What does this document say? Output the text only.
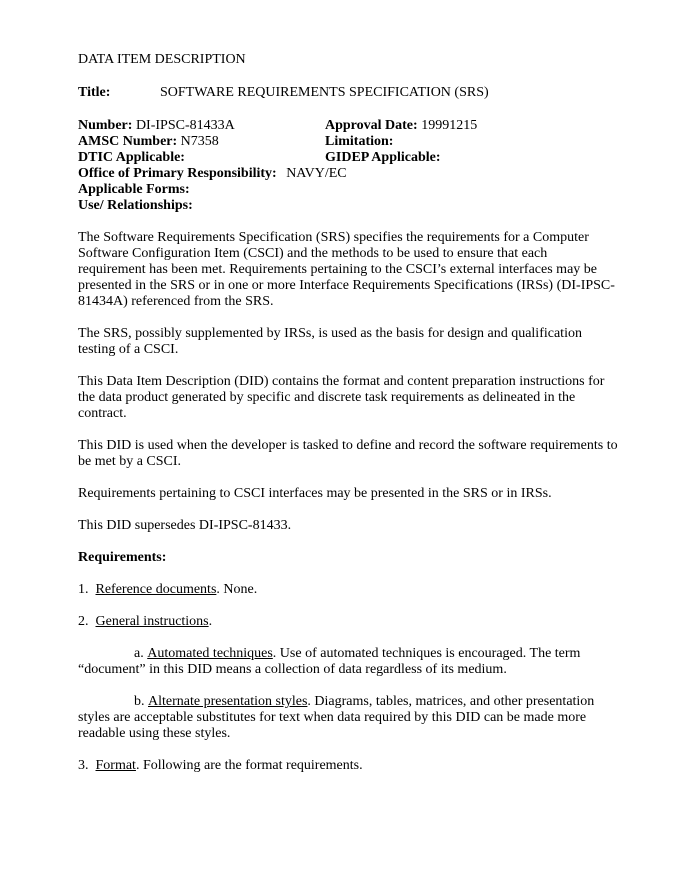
DATA ITEM DESCRIPTION
Title:	SOFTWARE REQUIREMENTS SPECIFICATION (SRS)
Number: DI-IPSC-81433A	Approval Date: 19991215
AMSC Number: N7358	Limitation:
DTIC Applicable:	GIDEP Applicable:
Office of Primary Responsibility: NAVY/EC
Applicable Forms:
Use/ Relationships:

The Software Requirements Specification (SRS) specifies the requirements for a Computer Software Configuration Item (CSCI) and the methods to be used to ensure that each requirement has been met. Requirements pertaining to the CSCI’s external interfaces may be presented in the SRS or in one or more Interface Requirements Specifications (IRSs) (DI-IPSC-81434A) referenced from the SRS.

The SRS, possibly supplemented by IRSs, is used as the basis for design and qualification testing of a CSCI.

This Data Item Description (DID) contains the format and content preparation instructions for the data product generated by specific and discrete task requirements as delineated in the contract.

This DID is used when the developer is tasked to define and record the software requirements to be met by a CSCI.

Requirements pertaining to CSCI interfaces may be presented in the SRS or in IRSs.

This DID supersedes DI-IPSC-81433.

Requirements:
1. Reference documents. None.
2. General instructions.
a. Automated techniques. Use of automated techniques is encouraged. The term “document” in this DID means a collection of data regardless of its medium.
b. Alternate presentation styles. Diagrams, tables, matrices, and other presentation styles are acceptable substitutes for text when data required by this DID can be made more readable using these styles.
3. Format. Following are the format requirements.
